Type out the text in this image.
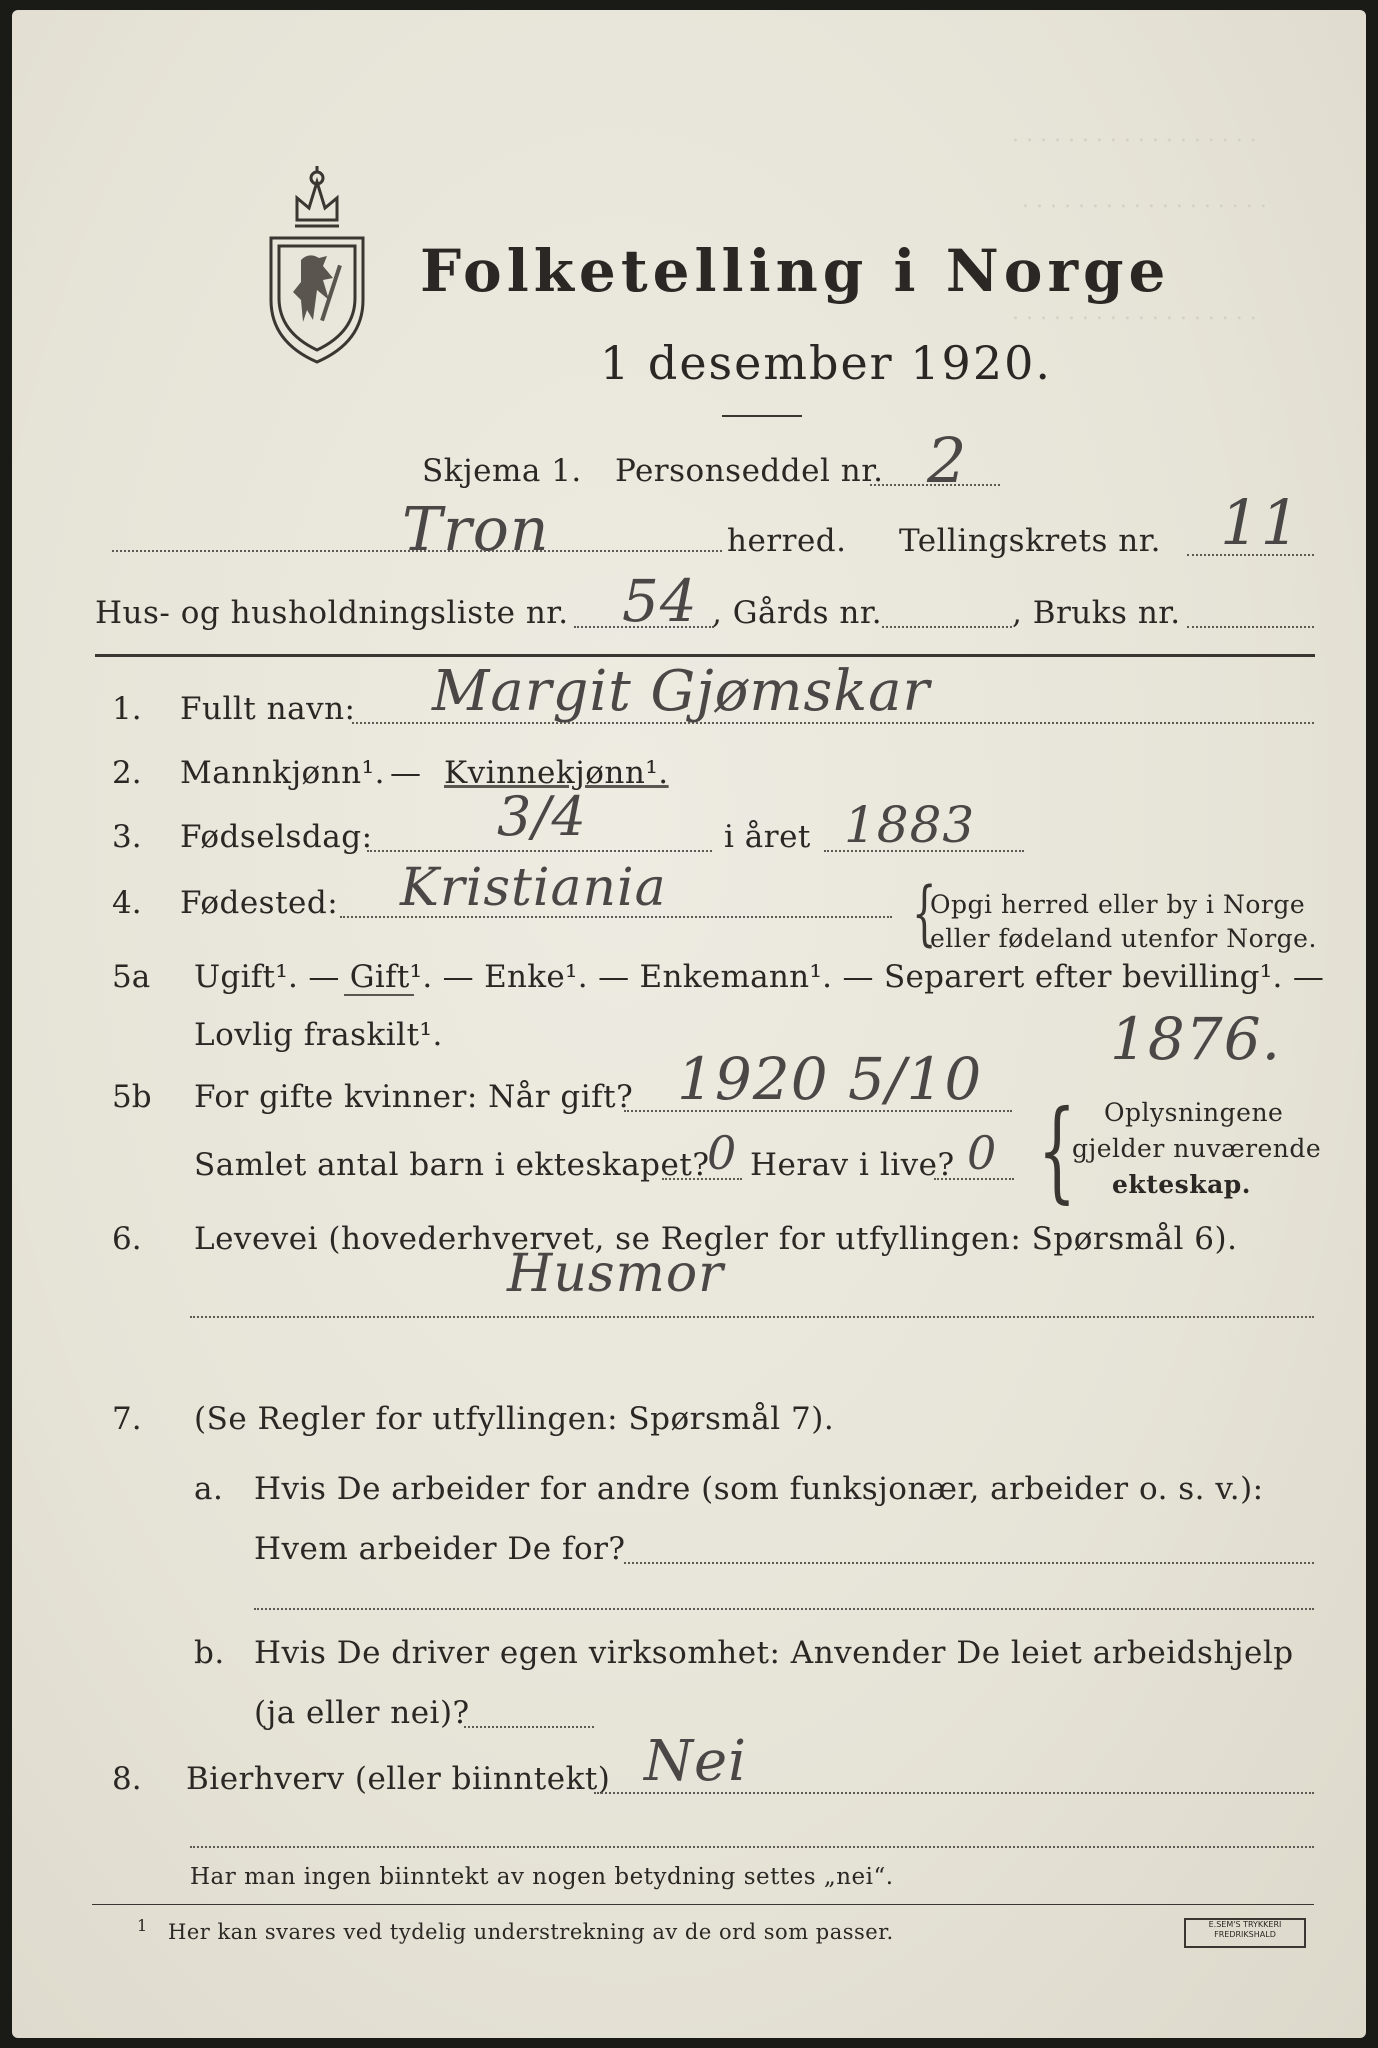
. . . . . . . . . . . . . . . . . .
. . . . . . . . . . . . . . . . . .
. . . . . . . . . . . . . . . . . .
Folketelling i Norge
1 desember 1920.
Skjema 1. Personseddel nr. 2
Tron	herred. Tellingskrets nr. 11
Hus- og husholdningsliste nr. 54 , Gårds nr.	, Bruks nr.
1. Fullt navn: Margit Gjømskar
2. Mannkjønn¹. — Kvinnekjønn¹.
3. Fødselsdag: 3/4	i året 1883
4. Fødested: Kristiania	{
Opgi herred eller by i Norge
eller fødeland utenfor Norge.
5a Ugift¹. — Gift¹. — Enke¹. — Enkemann¹. — Separert efter bevilling¹. —
Lovlig fraskilt¹.	1876.
5b For gifte kvinner: Når gift? 1920 5/10
Samlet antal barn i ekteskapet?
0 Herav i live? 0 { Oplysningene
gjelder nuværende
ekteskap.
6. Levevei (hovederhvervet, se Regler for utfyllingen: Spørsmål 6).
Husmor
7. (Se Regler for utfyllingen: Spørsmål 7).
a. Hvis De arbeider for andre (som funksjonær, arbeider o. s. v.):
Hvem arbeider De for?
b. Hvis De driver egen virksomhet: Anvender De leiet arbeidshjelp
(ja eller nei)?
8. Bierhverv (eller biinntekt) Nei
Har man ingen biinntekt av nogen betydning settes „nei“.
1 Her kan svares ved tydelig understrekning av de ord som passer.	E.SEM'S TRYKKERI FREDRIKSHALD
